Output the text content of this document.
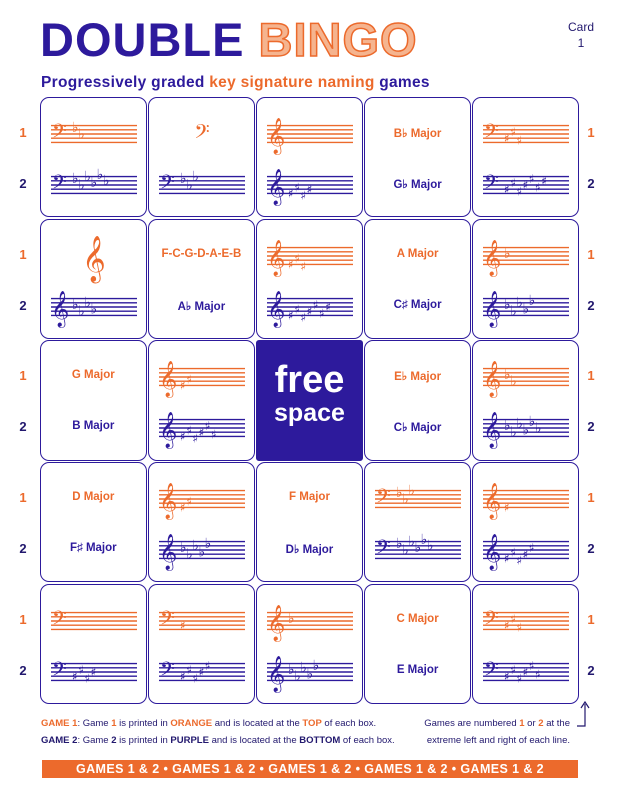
DOUBLE BINGO	Card
1
Progressively graded key signature naming games
𝄢 ♭ ♭
𝄢 ♭ ♭
♭ ♭
♭ ♭
𝄢
𝄢 ♭ ♭
♭
𝄞
𝄞 ♯ ♯
♯ ♯
B♭ Major
G♭ Major
𝄢 ♯ ♯
♯
𝄢 ♯ ♯
♯ ♯ ♯
♯ ♯
𝄞
𝄞 ♭ ♭
♭ ♭
F-C-G-D-A-E-B
A♭ Major
𝄞 ♯ ♯
♯
𝄞 ♯ ♯
♯ ♯ ♯
♯ ♯
A Major
C♯ Major
𝄞 ♭
𝄞 ♭ ♭
♭ ♭
♭
G Major
B Major
𝄞 ♯ ♯
𝄞 ♯ ♯
♯ ♯ ♯
♯
free
space
E♭ Major
C♭ Major
𝄞 ♭ ♭
𝄞 ♭ ♭
♭ ♭
♭ ♭
D Major
F♯ Major
𝄞 ♯ ♯
𝄞 ♭ ♭
♭ ♭
♭
F Major
D♭ Major
𝄢 ♭ ♭
♭
𝄢 ♭ ♭
♭ ♭
♭ ♭
𝄞 ♯
𝄞 ♯ ♯
♯ ♯ ♯
𝄢
𝄢 ♯ ♯
♯ ♯
𝄢 ♯
𝄢 ♯ ♯
♯ ♯ ♯
𝄞 ♭
𝄞 ♭ ♭
♭ ♭
♭
C Major
E Major
𝄢 ♯ ♯
♯
𝄢 ♯ ♯
♯ ♯ ♯
♯
1
2
1
2
1
2
1
2
1
2
1
2
1
2
1
2
1
2
1
2
GAME 1: Game 1 is printed in ORANGE and is located at the TOP of each box.
GAME 2: Game 2 is printed in PURPLE and is located at the BOTTOM of each box.
Games are numbered 1 or 2 at the
extreme left and right of each line.
GAMES 1 & 2 • GAMES 1 & 2 • GAMES 1 & 2 • GAMES 1 & 2 • GAMES 1 & 2
